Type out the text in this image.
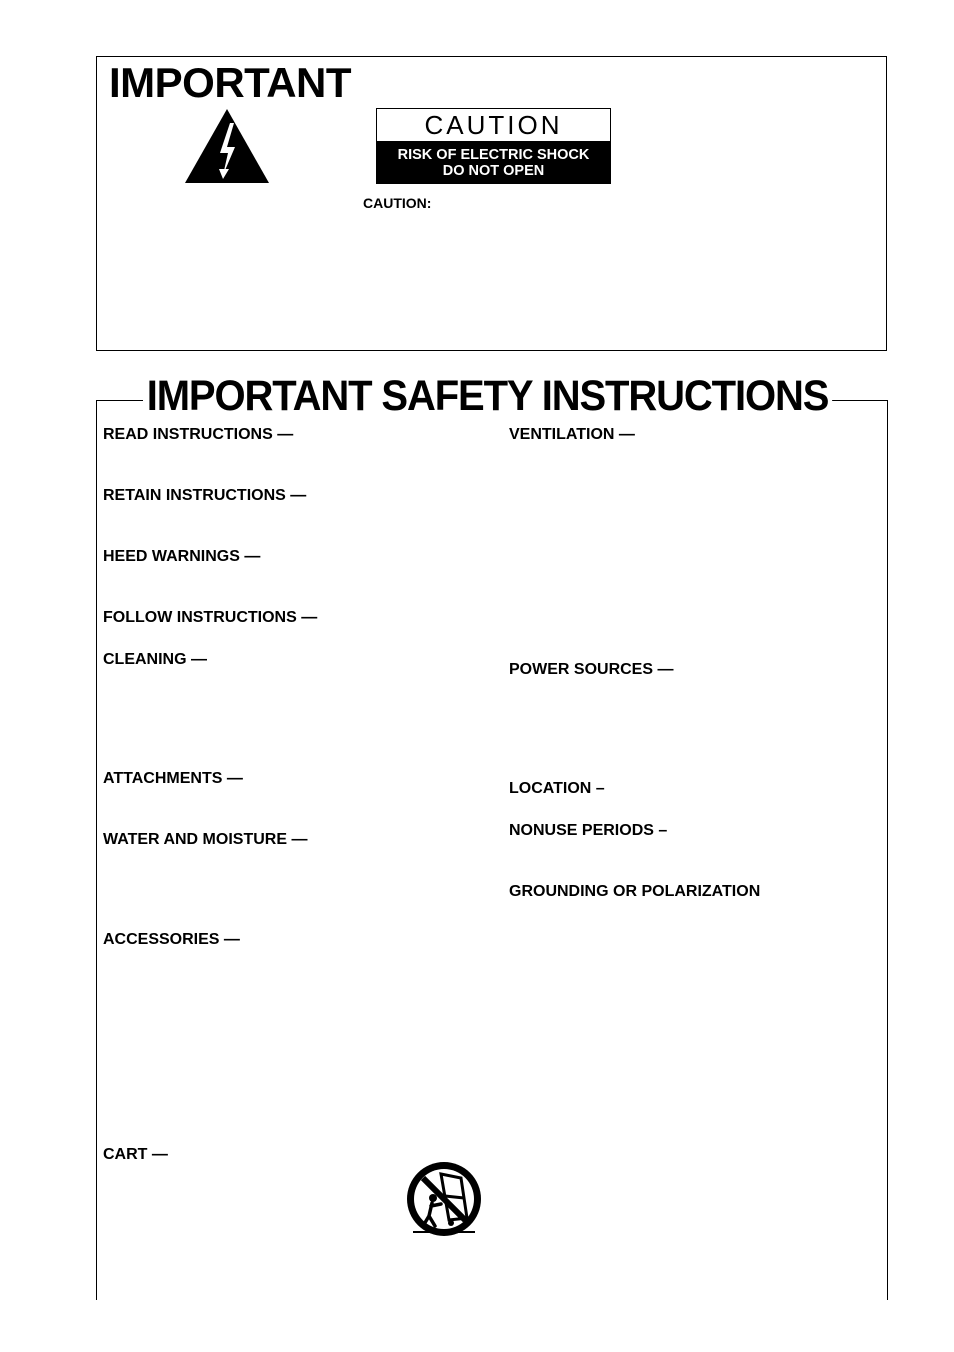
IMPORTANT
CAUTION
RISK OF ELECTRIC SHOCK
DO NOT OPEN
CAUTION:
IMPORTANT SAFETY INSTRUCTIONS
READ INSTRUCTIONS —
RETAIN INSTRUCTIONS —
HEED WARNINGS —
FOLLOW INSTRUCTIONS —
CLEANING —
ATTACHMENTS —
WATER AND MOISTURE —
ACCESSORIES —
CART —
VENTILATION —
POWER SOURCES —
LOCATION –
NONUSE PERIODS –
GROUNDING OR POLARIZATION
